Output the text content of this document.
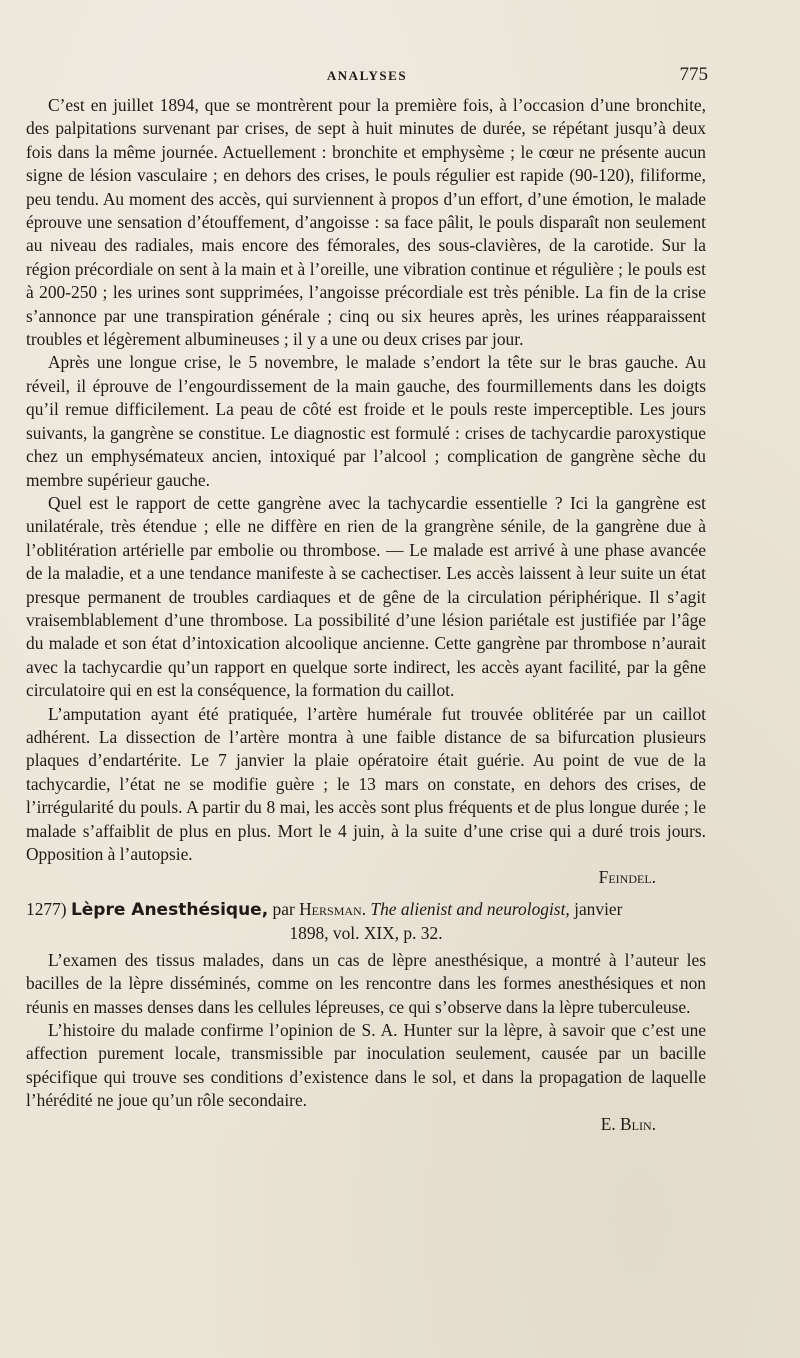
ANALYSES	775

C’est en juillet 1894, que se montrèrent pour la première fois, à l’occasion d’une bronchite, des palpitations survenant par crises, de sept à huit minutes de durée, se répétant jusqu’à deux fois dans la même journée. Actuellement : bronchite et emphysème ; le cœur ne présente aucun signe de lésion vasculaire ; en dehors des crises, le pouls régulier est rapide (90-120), filiforme, peu tendu. Au moment des accès, qui surviennent à propos d’un effort, d’une émotion, le malade éprouve une sensation d’étouffement, d’angoisse : sa face pâlit, le pouls disparaît non seulement au niveau des radiales, mais encore des fémorales, des sous-clavières, de la carotide. Sur la région précordiale on sent à la main et à l’oreille, une vibration continue et régulière ; le pouls est à 200-250 ; les urines sont supprimées, l’angoisse précordiale est très pénible. La fin de la crise s’annonce par une transpiration générale ; cinq ou six heures après, les urines réapparaissent troubles et légèrement albumineuses ; il y a une ou deux crises par jour.

Après une longue crise, le 5 novembre, le malade s’endort la tête sur le bras gauche. Au réveil, il éprouve de l’engourdissement de la main gauche, des fourmillements dans les doigts qu’il remue difficilement. La peau de côté est froide et le pouls reste imperceptible. Les jours suivants, la gangrène se constitue. Le diagnostic est formulé : crises de tachycardie paroxystique chez un emphysémateux ancien, intoxiqué par l’alcool ; complication de gangrène sèche du membre supérieur gauche.

Quel est le rapport de cette gangrène avec la tachycardie essentielle ? Ici la gangrène est unilatérale, très étendue ; elle ne diffère en rien de la grangrène sénile, de la gangrène due à l’oblitération artérielle par embolie ou thrombose. — Le malade est arrivé à une phase avancée de la maladie, et a une tendance manifeste à se cachectiser. Les accès laissent à leur suite un état presque permanent de troubles cardiaques et de gêne de la circulation périphérique. Il s’agit vraisemblablement d’une thrombose. La possibilité d’une lésion pariétale est justifiée par l’âge du malade et son état d’intoxication alcoolique ancienne. Cette gangrène par thrombose n’aurait avec la tachycardie qu’un rapport en quelque sorte indirect, les accès ayant facilité, par la gêne circulatoire qui en est la conséquence, la formation du caillot.

L’amputation ayant été pratiquée, l’artère humérale fut trouvée oblitérée par un caillot adhérent. La dissection de l’artère montra à une faible distance de sa bifurcation plusieurs plaques d’endartérite. Le 7 janvier la plaie opératoire était guérie. Au point de vue de la tachycardie, l’état ne se modifie guère ; le 13 mars on constate, en dehors des crises, de l’irrégularité du pouls. A partir du 8 mai, les accès sont plus fréquents et de plus longue durée ; le malade s’affaiblit de plus en plus. Mort le 4 juin, à la suite d’une crise qui a duré trois jours. Opposition à l’autopsie.

Feindel.
1277) Lèpre Anesthésique, par Hersman. The alienist and neurologist, janvier
1898, vol. XIX, p. 32.

L’examen des tissus malades, dans un cas de lèpre anesthésique, a montré à l’auteur les bacilles de la lèpre disséminés, comme on les rencontre dans les formes anesthésiques et non réunis en masses denses dans les cellules lépreuses, ce qui s’observe dans la lèpre tuberculeuse.

L’histoire du malade confirme l’opinion de S. A. Hunter sur la lèpre, à savoir que c’est une affection purement locale, transmissible par inoculation seulement, causée par un bacille spécifique qui trouve ses conditions d’existence dans le sol, et dans la propagation de laquelle l’hérédité ne joue qu’un rôle secondaire.

E. Blin.
